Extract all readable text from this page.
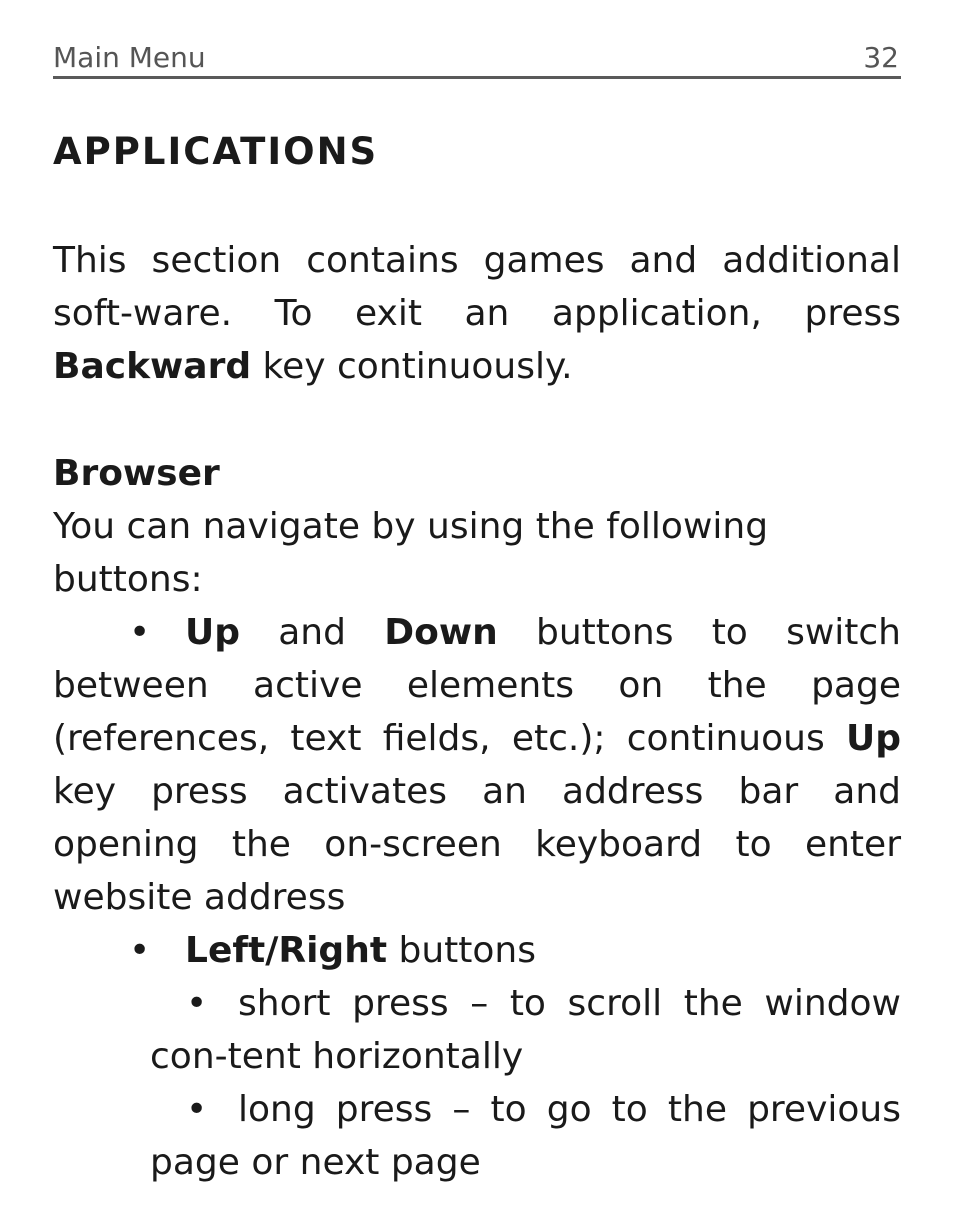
Main Menu	32
APPLICATIONS
This section contains games and additional soft-ware. To exit an application, press Backward key continuously.
Browser
You can navigate by using the following buttons:

• Up and Down buttons to switch between active elements on the page (references, text fields, etc.); continuous Up key press activates an address bar and opening the on-screen keyboard to enter website address

• Left/Right buttons

• short press – to scroll the window con-tent horizontally

• long press – to go to the previous page or next page
